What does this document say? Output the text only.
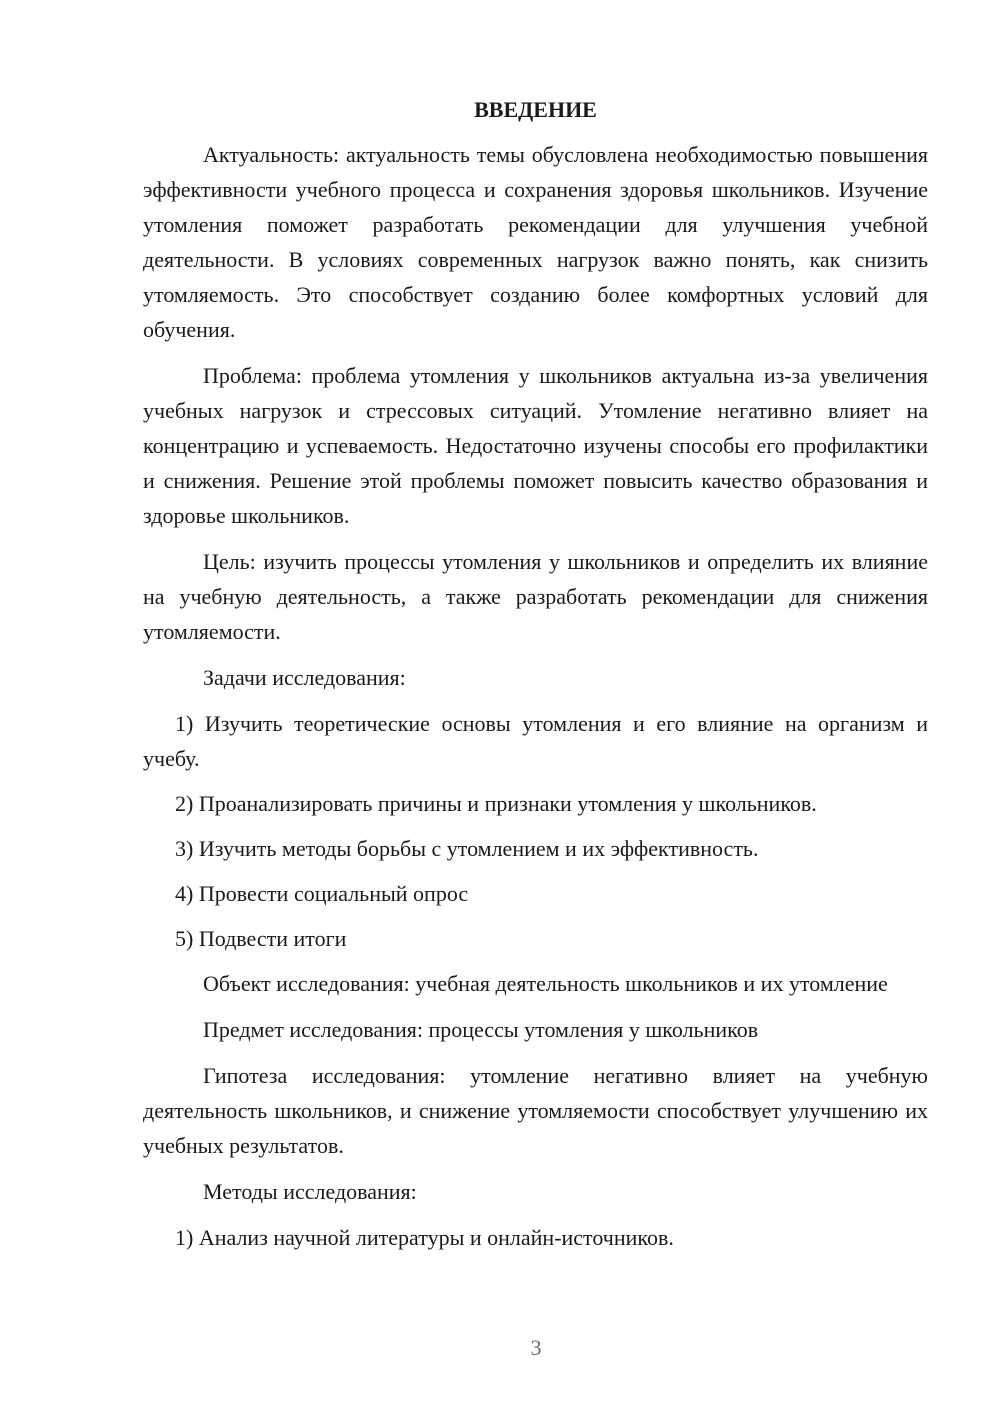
ВВЕДЕНИЕ

Актуальность: актуальность темы обусловлена необходимостью повышения эффективности учебного процесса и сохранения здоровья школьников. Изучение утомления поможет разработать рекомендации для улучшения учебной деятельности. В условиях современных нагрузок важно понять, как снизить утомляемость. Это способствует созданию более комфортных условий для обучения.

Проблема: проблема утомления у школьников актуальна из-за увеличения учебных нагрузок и стрессовых ситуаций. Утомление негативно влияет на концентрацию и успеваемость. Недостаточно изучены способы его профилактики и снижения. Решение этой проблемы поможет повысить качество образования и здоровье школьников.

Цель: изучить процессы утомления у школьников и определить их влияние на учебную деятельность, а также разработать рекомендации для снижения утомляемости.

Задачи исследования:

1) Изучить теоретические основы утомления и его влияние на организм и учебу.

2) Проанализировать причины и признаки утомления у школьников.

3) Изучить методы борьбы с утомлением и их эффективность.

4) Провести социальный опрос

5) Подвести итоги

Объект исследования: учебная деятельность школьников и их утомление

Предмет исследования: процессы утомления у школьников

Гипотеза исследования: утомление негативно влияет на учебную деятельность школьников, и снижение утомляемости способствует улучшению их учебных результатов.

Методы исследования:

1) Анализ научной литературы и онлайн-источников.

3
